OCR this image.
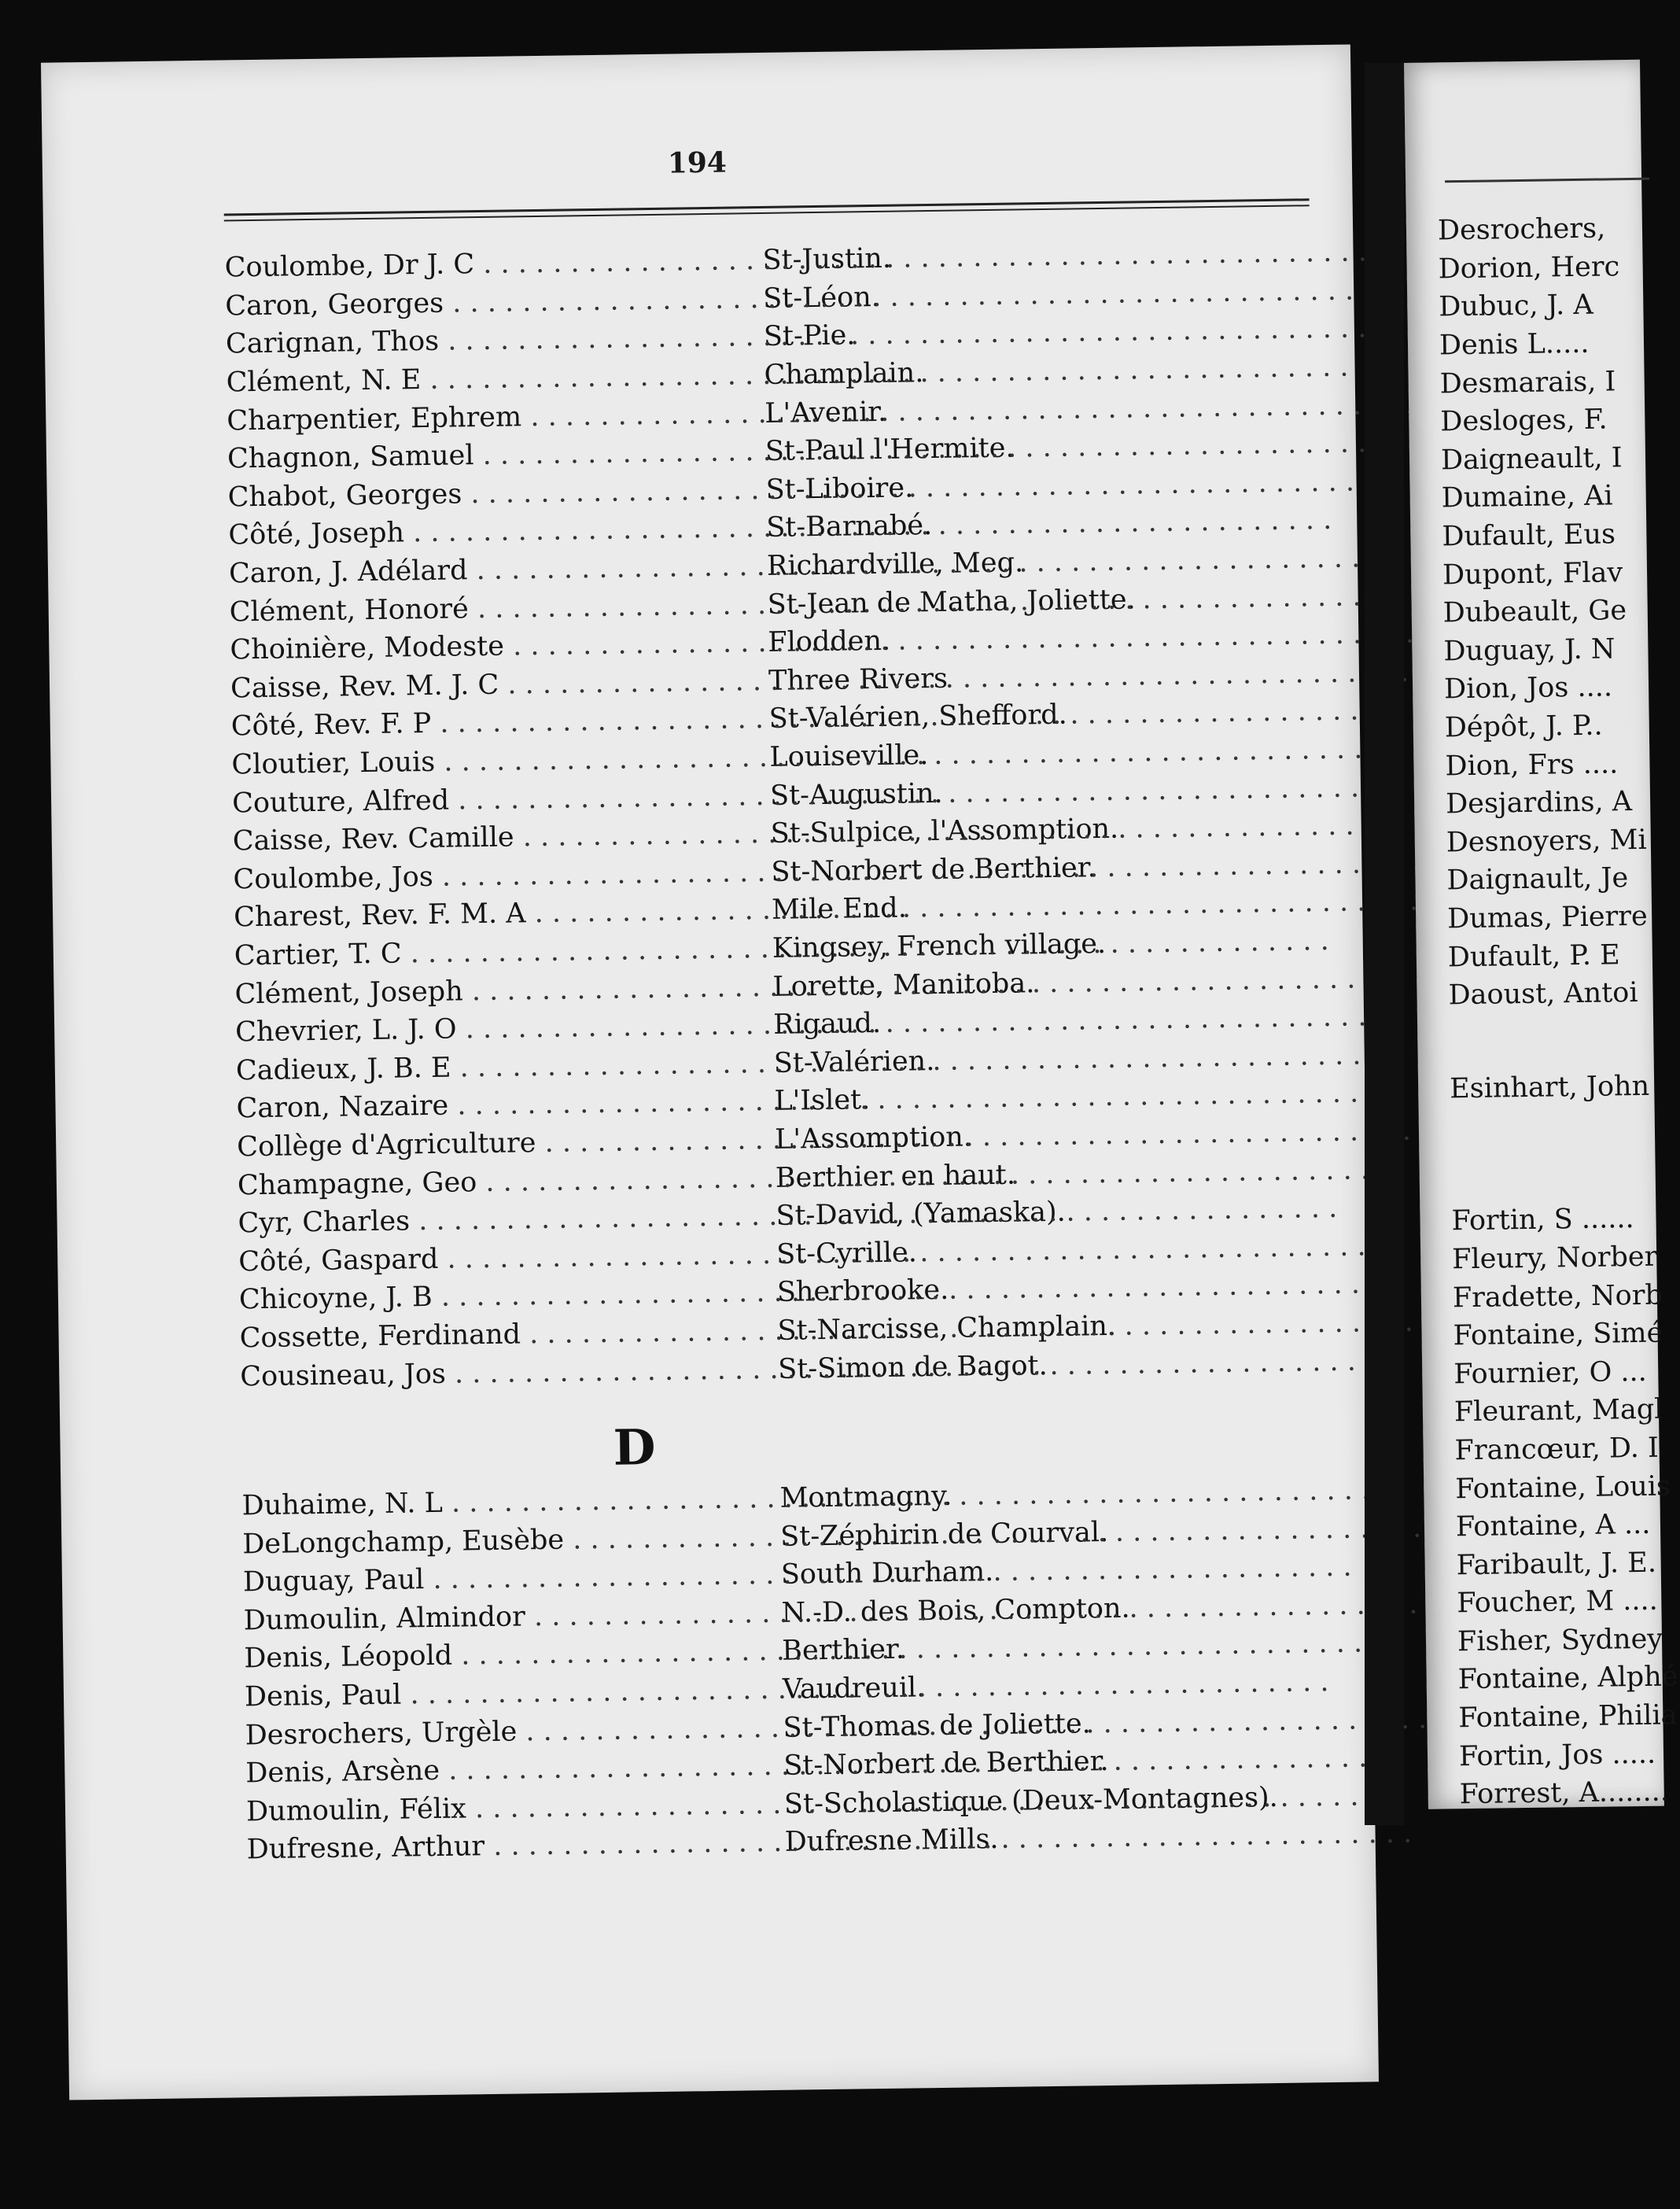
194
Coulombe, Dr J. C . . .	St-Justin.
Caron, Georges . . .	St-Léon.
Carignan, Thos . . .	St-Pie.
Clément, N. E . . .	Champlain.
Charpentier, Ephrem . . .	L'Avenir.
Chagnon, Samuel . . .	St-Paul l'Hermite.
Chabot, Georges . . .	St-Liboire.
Côté, Joseph . . .	St-Barnabé.
Caron, J. Adélard . . .	Richardville, Meg.
Clément, Honoré . . .	St-Jean de Matha, Joliette.
Choinière, Modeste . . .	Flodden.
Caisse, Rev. M. J. C . . .	Three Rivers
Côté, Rev. F. P . . .	St-Valérien, Shefford.
Cloutier, Louis . . .	Louiseville.
Couture, Alfred . . .	St-Augustin.
Caisse, Rev. Camille . . .	St-Sulpice, l'Assomption.
Coulombe, Jos . . .	St-Norbert de Berthier.
Charest, Rev. F. M. A . . .	Mile End.
Cartier, T. C . . .	Kingsey, French village.
Clément, Joseph . . .	Lorette, Manitoba.
Chevrier, L. J. O . . .	Rigaud.
Cadieux, J. B. E . . .	St-Valérien.
Caron, Nazaire . . .	L'Islet.
Collège d'Agriculture . . .	L'Assomption.
Champagne, Geo . . .	Berthier en haut.
Cyr, Charles . . .	St-David, (Yamaska).
Côté, Gaspard . . .	St-Cyrille.
Chicoyne, J. B . . .	Sherbrooke.
Cossette, Ferdinand . . .	St-Narcisse, Champlain.
Cousineau, Jos . . .	St-Simon de Bagot.
D
Duhaime, N. L . . .	Montmagny.
DeLongchamp, Eusèbe . . .	St-Zéphirin de Courval.
Duguay, Paul . . .	South Durham.
Dumoulin, Almindor . . .	N.-D. des Bois, Compton.
Denis, Léopold . . .	Berthier.
Denis, Paul . . .	Vaudreuil.
Desrochers, Urgèle . . .	St-Thomas de Joliette.
Denis, Arsène . . .	St-Norbert de Berthier.
Dumoulin, Félix . . .	St-Scholastique (Deux-Montagnes).
Dufresne, Arthur . . .	Dufresne Mills.
Desrochers,
Dorion, Herc
Dubuc, J. A
Denis L.....
Desmarais, I
Desloges, F.
Daigneault, I
Dumaine, Ai
Dufault, Eus
Dupont, Flav
Dubeault, Ge
Duguay, J. N
Dion, Jos ....
Dépôt, J. P..
Dion, Frs ....
Desjardins, A
Desnoyers, Mi
Daignault, Je
Dumas, Pierre
Dufault, P. E
Daoust, Antoi
Esinhart, John
Fortin, S ......
Fleury, Norber
Fradette, Norb
Fontaine, Simé
Fournier, O ...
Fleurant, Magl
Francœur, D. I
Fontaine, Louis
Fontaine, A ...
Faribault, J. E.
Foucher, M ....
Fisher, Sydney
Fontaine, Alphé
Fontaine, Philia
Fortin, Jos .....
Forrest, A........
